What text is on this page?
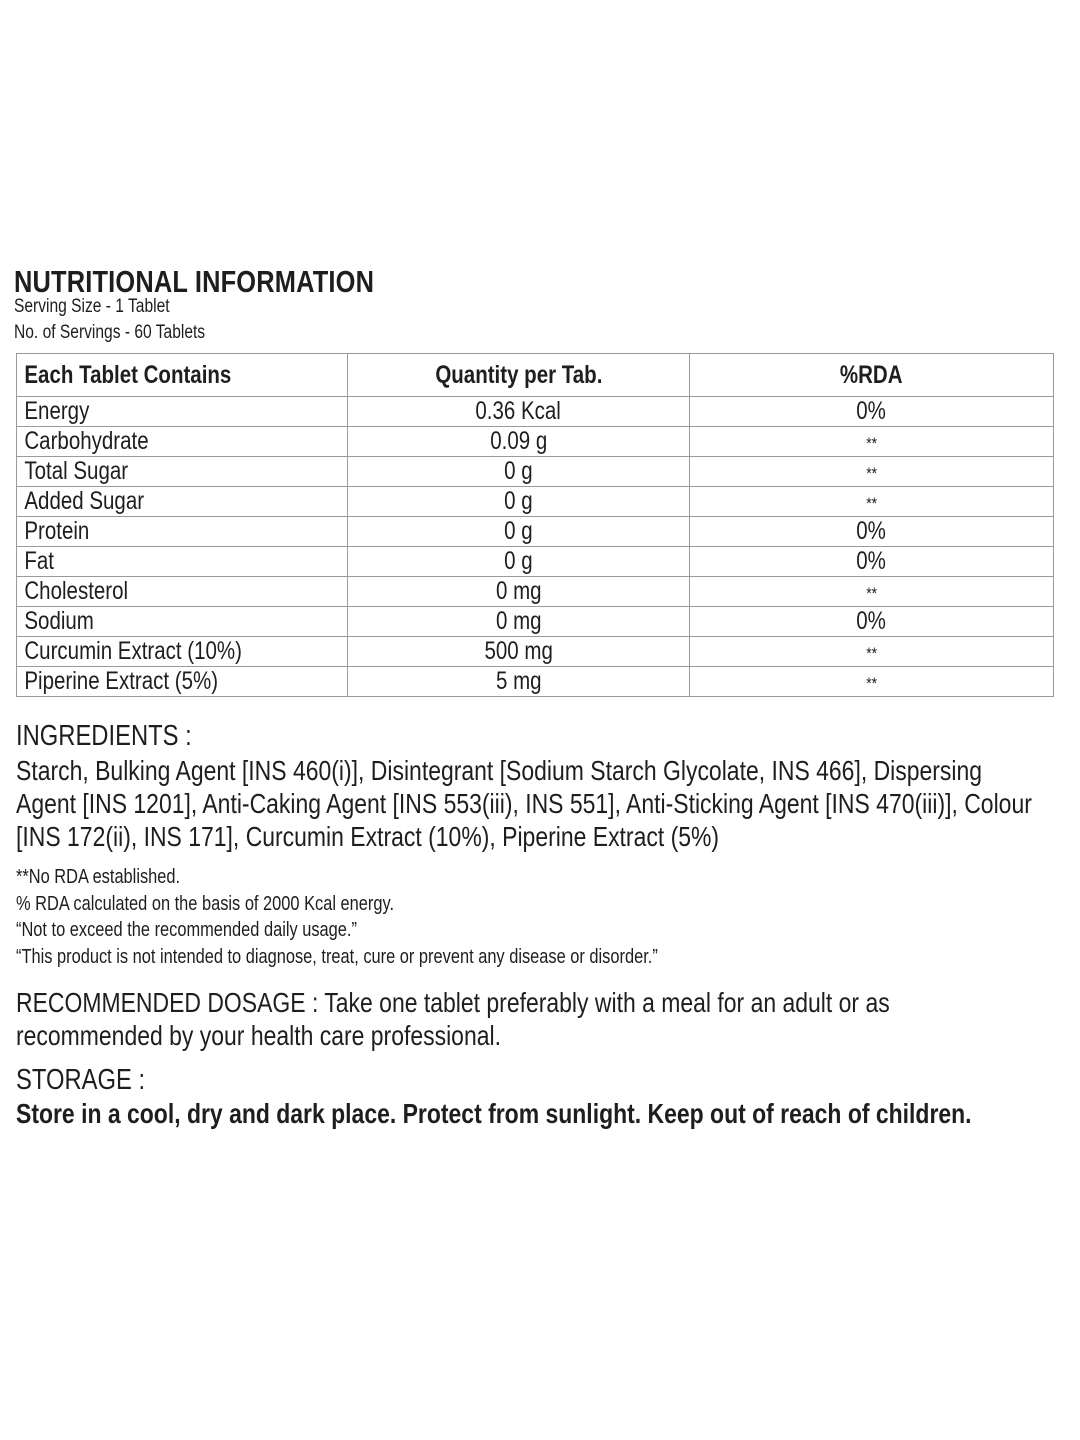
NUTRITIONAL INFORMATION
Serving Size - 1 Tablet
No. of Servings - 60 Tablets
Each Tablet Contains	Quantity per Tab.	%RDA
Energy	0.36 Kcal	0%
Carbohydrate	0.09 g	**
Total Sugar	0 g	**
Added Sugar	0 g	**
Protein	0 g	0%
Fat	0 g	0%
Cholesterol	0 mg	**
Sodium	0 mg	0%
Curcumin Extract (10%)	500 mg	**
Piperine Extract (5%)	5 mg	**
INGREDIENTS :
Starch, Bulking Agent [INS 460(i)], Disintegrant [Sodium Starch Glycolate, INS 466], Dispersing Agent [INS 1201], Anti-Caking Agent [INS 553(iii), INS 551], Anti-Sticking Agent [INS 470(iii)], Colour [INS 172(ii), INS 171], Curcumin Extract (10%), Piperine Extract (5%)
**No RDA established.
% RDA calculated on the basis of 2000 Kcal energy.
“Not to exceed the recommended daily usage.”
“This product is not intended to diagnose, treat, cure or prevent any disease or disorder.”
RECOMMENDED DOSAGE : Take one tablet preferably with a meal for an adult or as recommended by your health care professional.
STORAGE :
Store in a cool, dry and dark place. Protect from sunlight. Keep out of reach of children.
